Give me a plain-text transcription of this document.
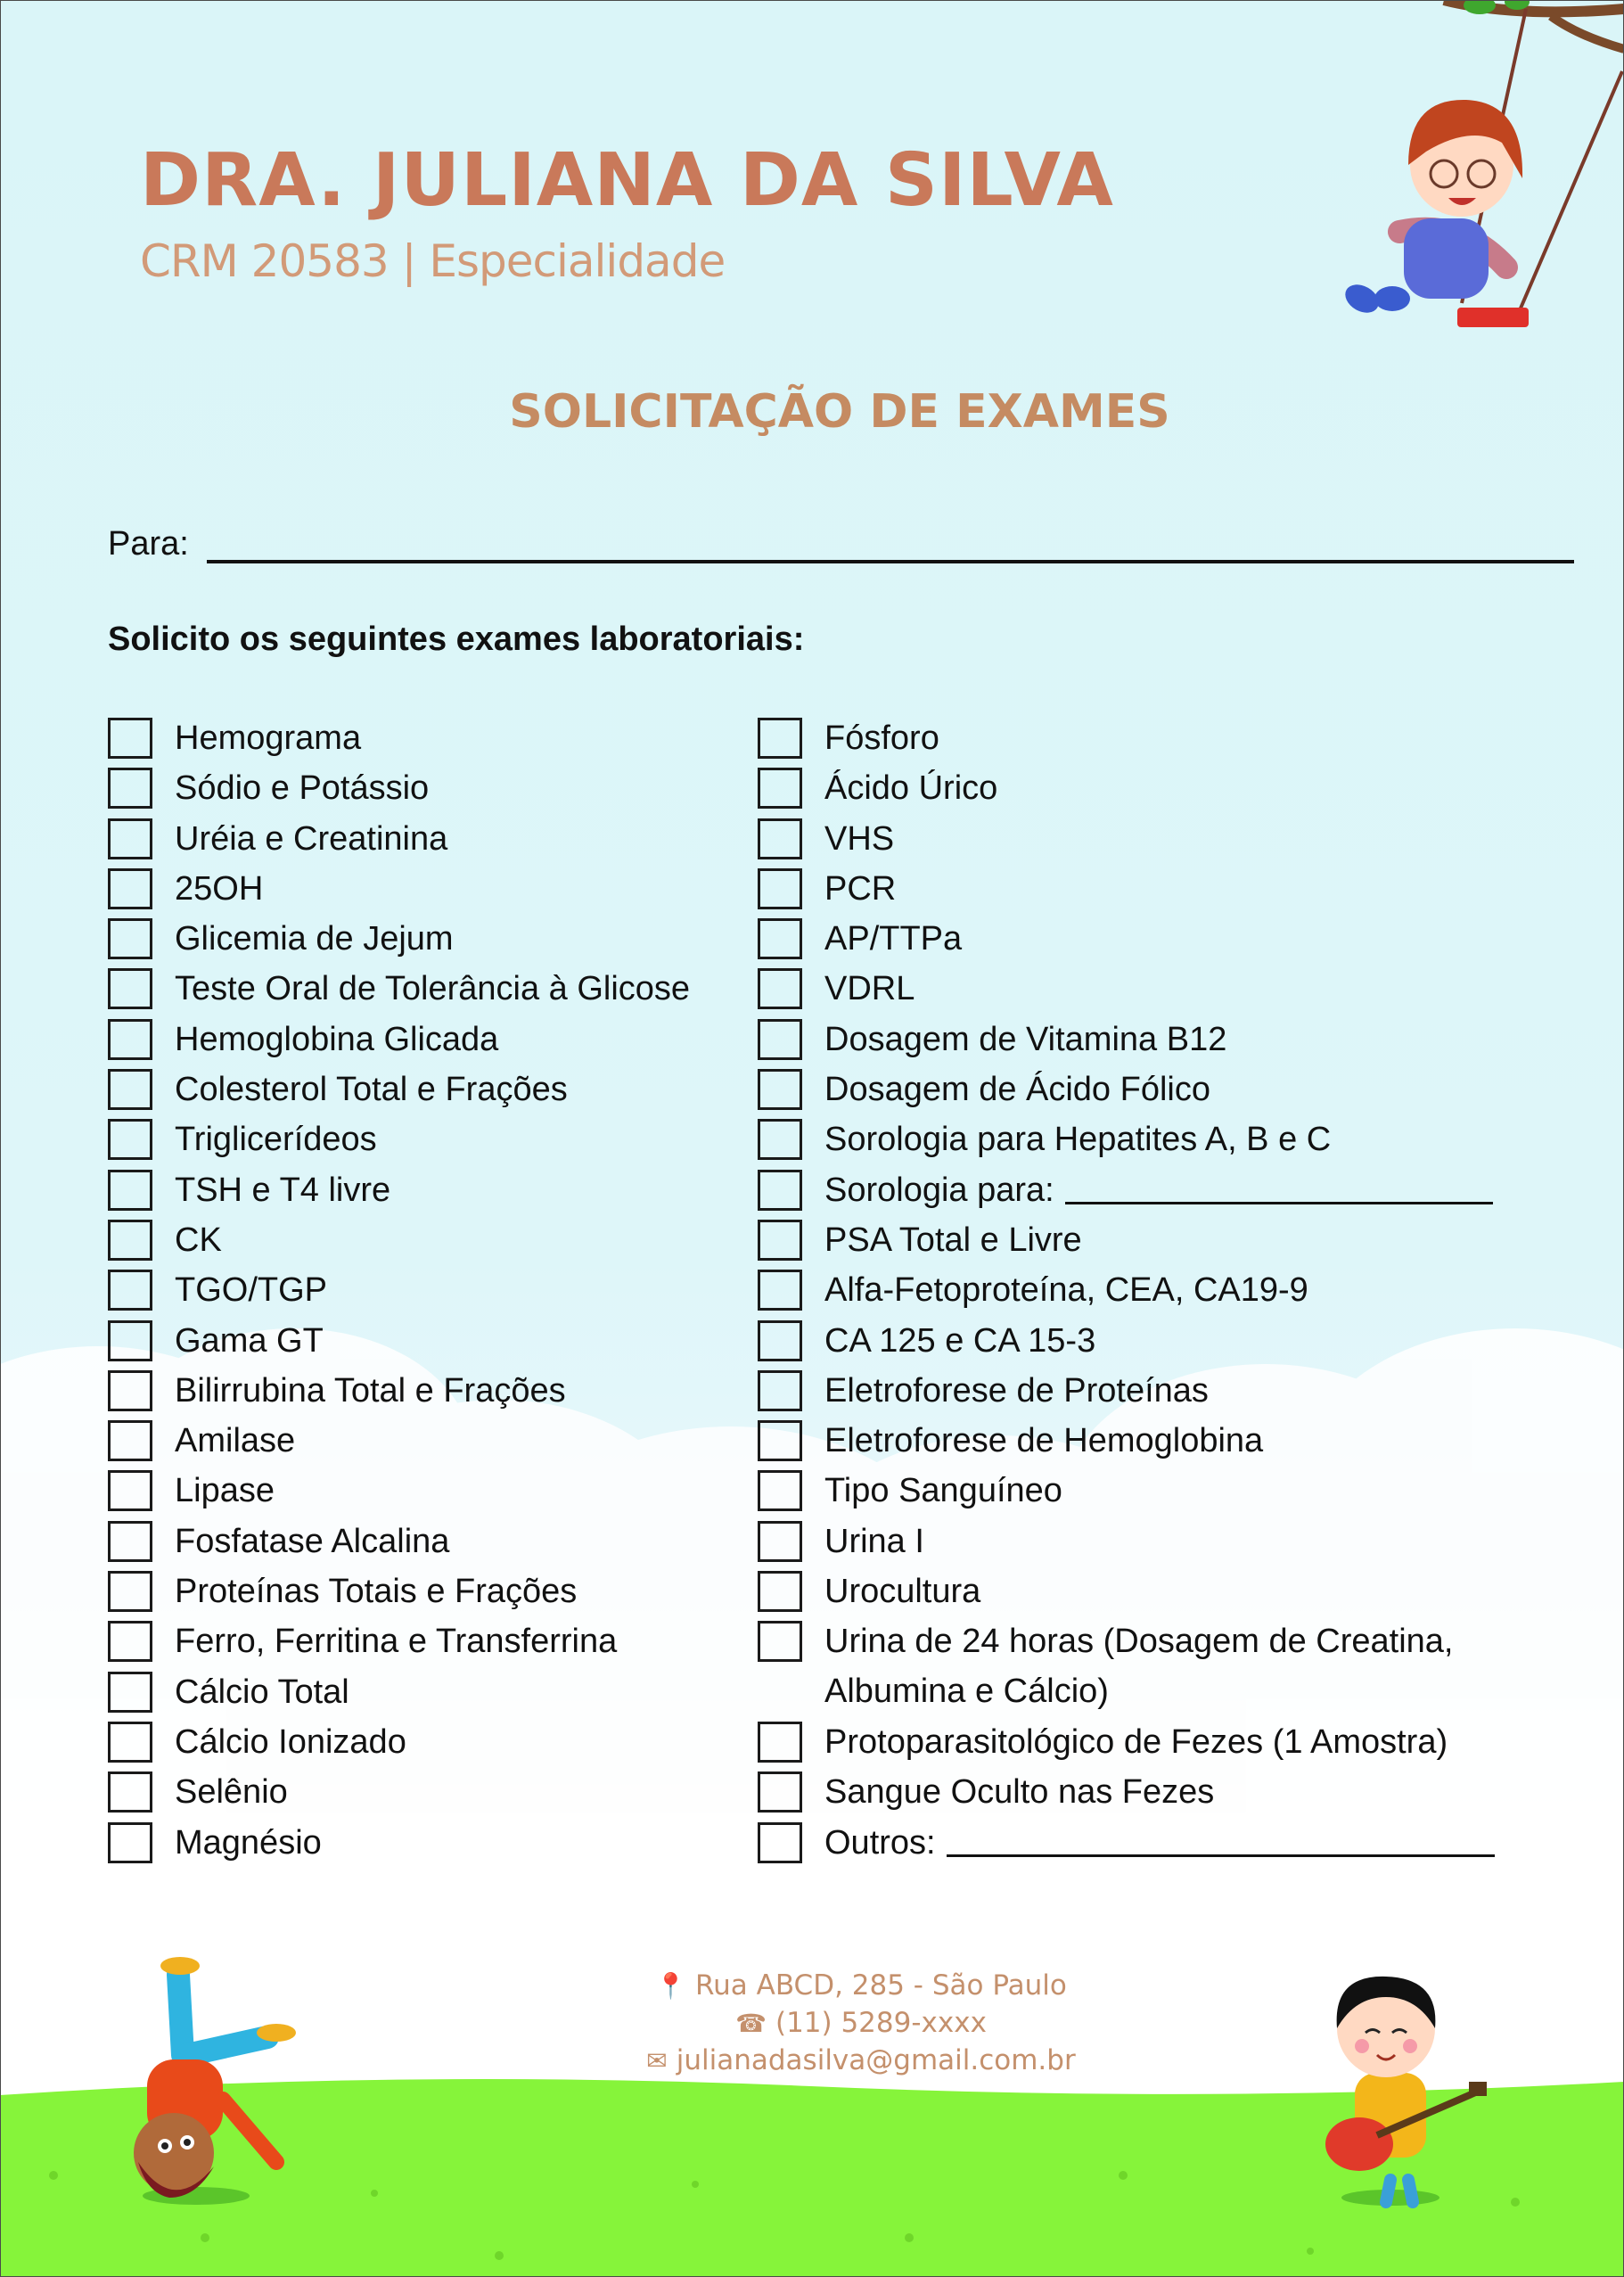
DRA. JULIANA DA SILVA

CRM 20583 | Especialidade

SOLICITAÇÃO DE EXAMES
Para:

Solicito os seguintes exames laboratoriais:

Hemograma
Sódio e Potássio
Uréia e Creatinina
25OH
Glicemia de Jejum
Teste Oral de Tolerância à Glicose
Hemoglobina Glicada
Colesterol Total e Frações
Triglicerídeos
TSH e T4 livre
CK
TGO/TGP
Gama GT
Bilirrubina Total e Frações
Amilase
Lipase
Fosfatase Alcalina
Proteínas Totais e Frações
Ferro, Ferritina e Transferrina
Cálcio Total
Cálcio Ionizado
Selênio
Magnésio
Fósforo
Ácido Úrico
VHS
PCR
AP/TTPa
VDRL
Dosagem de Vitamina B12
Dosagem de Ácido Fólico
Sorologia para Hepatites A, B e C
Sorologia para:
PSA Total e Livre
Alfa-Fetoproteína, CEA, CA19-9
CA 125 e CA 15-3
Eletroforese de Proteínas
Eletroforese de Hemoglobina
Tipo Sanguíneo
Urina I
Urocultura
Urina de 24 horas (Dosagem de Creatina, Albumina e Cálcio)
Protoparasitológico de Fezes (1 Amostra)
Sangue Oculto nas Fezes
Outros:
📍 Rua ABCD, 285 - São Paulo
☎ (11) 5289-xxxx
✉ julianadasilva@gmail.com.br
